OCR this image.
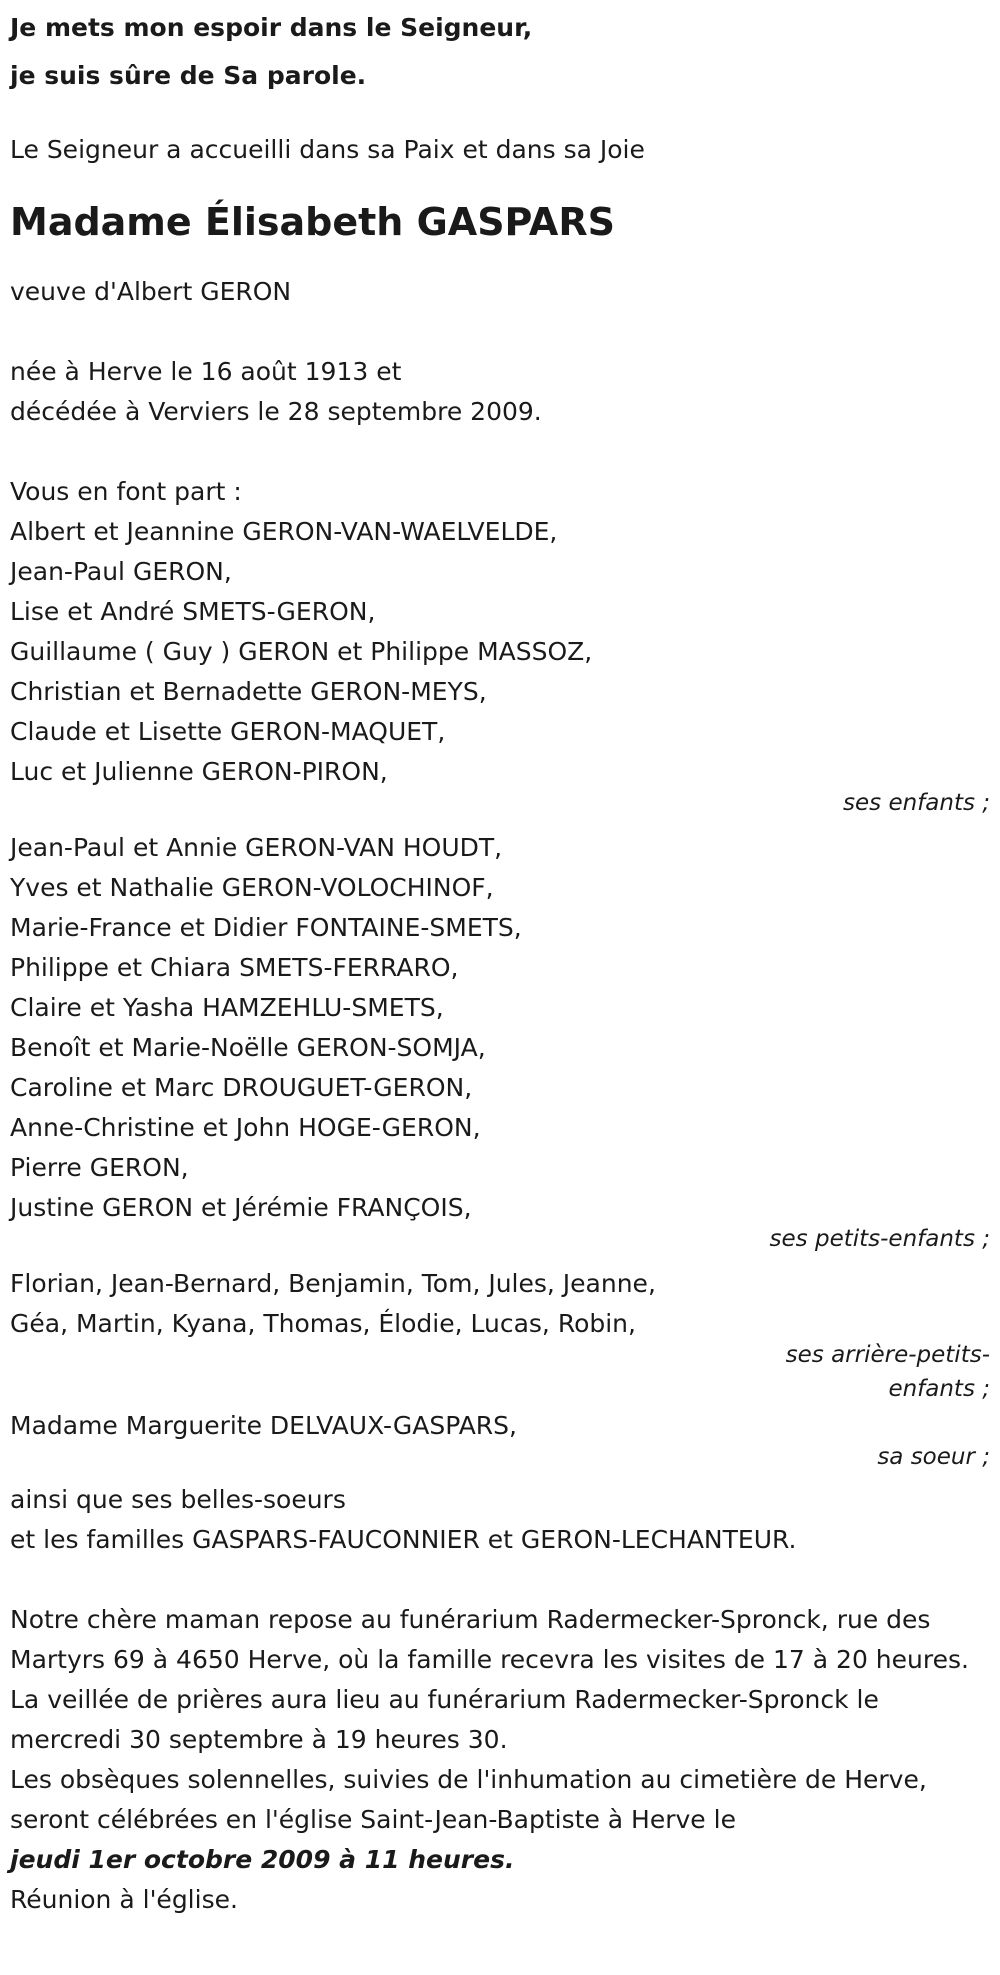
Je mets mon espoir dans le Seigneur,
je suis sûre de Sa parole.
Le Seigneur a accueilli dans sa Paix et dans sa Joie
Madame Élisabeth GASPARS
veuve d'Albert GERON
née à Herve le 16 août 1913 et
décédée à Verviers le 28 septembre 2009.
Vous en font part :
Albert et Jeannine GERON-VAN-WAELVELDE,
Jean-Paul GERON,
Lise et André SMETS-GERON,
Guillaume ( Guy ) GERON et Philippe MASSOZ,
Christian et Bernadette GERON-MEYS,
Claude et Lisette GERON-MAQUET,
Luc et Julienne GERON-PIRON,
ses enfants ;
Jean-Paul et Annie GERON-VAN HOUDT,
Yves et Nathalie GERON-VOLOCHINOF,
Marie-France et Didier FONTAINE-SMETS,
Philippe et Chiara SMETS-FERRARO,
Claire et Yasha HAMZEHLU-SMETS,
Benoît et Marie-Noëlle GERON-SOMJA,
Caroline et Marc DROUGUET-GERON,
Anne-Christine et John HOGE-GERON,
Pierre GERON,
Justine GERON et Jérémie FRANÇOIS,
ses petits-enfants ;
Florian, Jean-Bernard, Benjamin, Tom, Jules, Jeanne,
Géa, Martin, Kyana, Thomas, Élodie, Lucas, Robin,
ses arrière-petits-
enfants ;
Madame Marguerite DELVAUX-GASPARS,
sa soeur ;
ainsi que ses belles-soeurs
et les familles GASPARS-FAUCONNIER et GERON-LECHANTEUR.

Notre chère maman repose au funérarium Radermecker-Spronck, rue des Martyrs 69 à 4650 Herve, où la famille recevra les visites de 17 à 20 heures.

La veillée de prières aura lieu au funérarium Radermecker-Spronck le mercredi 30 septembre à 19 heures 30.

Les obsèques solennelles, suivies de l'inhumation au cimetière de Herve, seront célébrées en l'église Saint-Jean-Baptiste à Herve le

jeudi 1er octobre 2009 à 11 heures.

Réunion à l'église.
